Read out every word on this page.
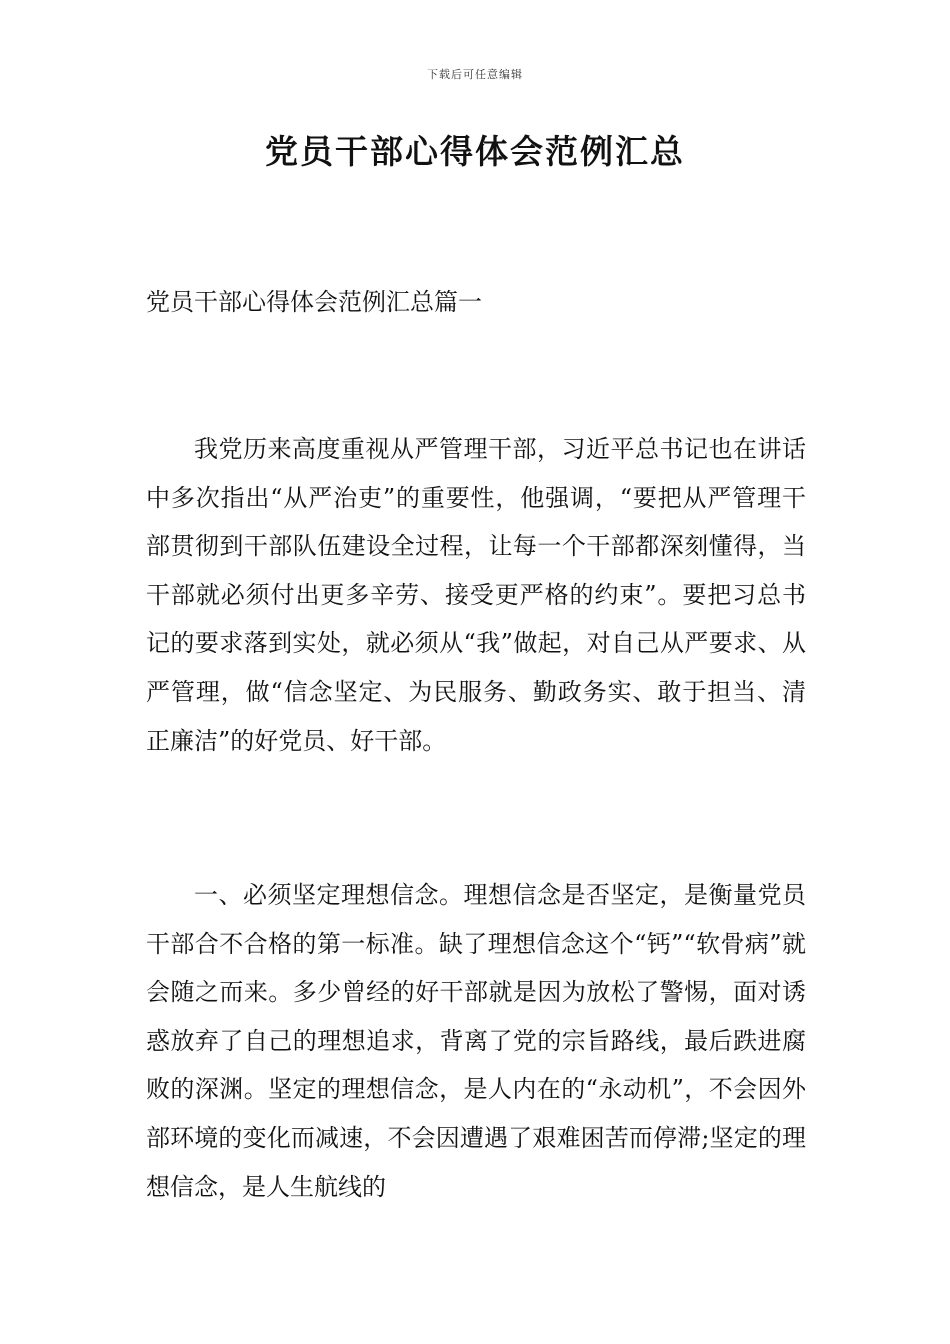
下载后可任意编辑
党员干部心得体会范例汇总
党员干部心得体会范例汇总篇一

我党历来高度重视从严管理干部，习近平总书记也在讲话中多次指出“从严治吏”的重要性，他强调，“要把从严管理干部贯彻到干部队伍建设全过程，让每一个干部都深刻懂得，当干部就必须付出更多辛劳、接受更严格的约束”。要把习总书记的要求落到实处，就必须从“我”做起，对自己从严要求、从严管理，做“信念坚定、为民服务、勤政务实、敢于担当、清正廉洁”的好党员、好干部。

一、必须坚定理想信念。理想信念是否坚定，是衡量党员干部合不合格的第一标准。缺了理想信念这个“钙”“软骨病”就会随之而来。多少曾经的好干部就是因为放松了警惕，面对诱惑放弃了自己的理想追求，背离了党的宗旨路线，最后跌进腐败的深渊。坚定的理想信念，是人内在的“永动机”，不会因外部环境的变化而减速，不会因遭遇了艰难困苦而停滞;坚定的理想信念，是人生航线的
